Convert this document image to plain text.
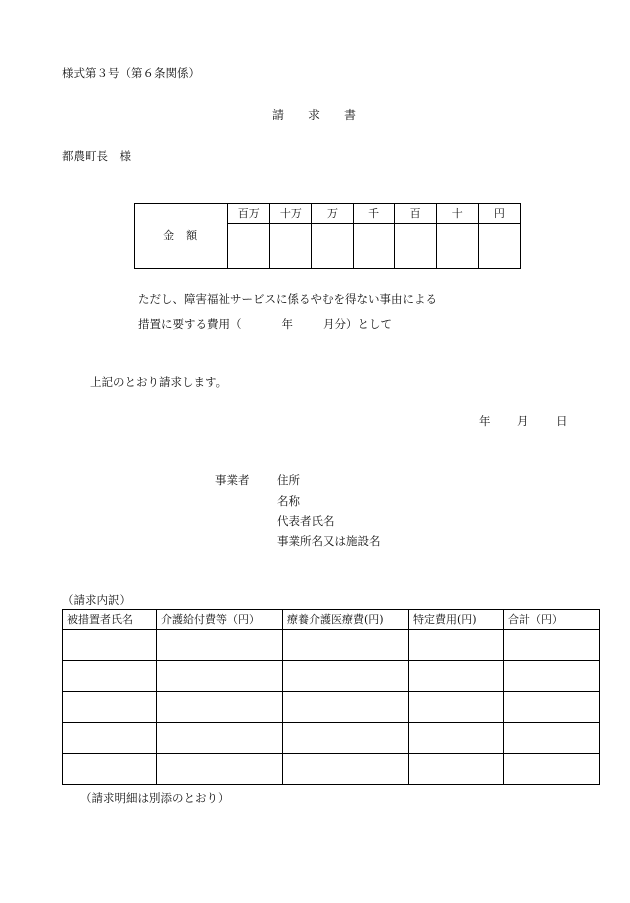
様式第３号（第６条関係）
請　　求　　書
都農町長　様
金額	百万	十万	万	千	百	十	円

ただし、障害福祉サービスに係るやむを得ない事由による
措置に要する費用（	年	月分）として
上記のとおり請求します。
年 月 日
事業者 住所
名称
代表者氏名
事業所名又は施設名
（請求内訳）
被措置者氏名	介護給付費等（円）	療養介護医療費(円)	特定費用(円)	合計（円）

（請求明細は別添のとおり）
